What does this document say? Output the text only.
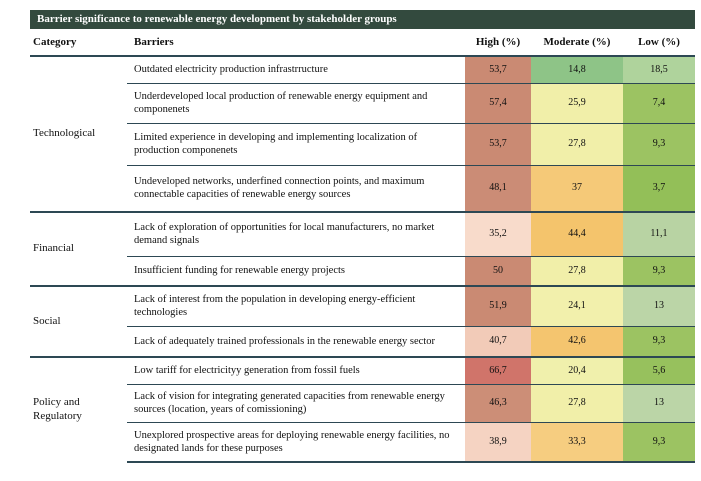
Barrier significance to renewable energy development by stakeholder groups
Category	Barriers	High (%)	Moderate (%)	Low (%)
Technological	Outdated electricity production infrastrructure	53,7	14,8	18,5
	Underdeveloped local production of renewable energy equipment and componenets	57,4	25,9	7,4
	Limited experience in developing and implementing localization of production componenets	53,7	27,8	9,3
	Undeveloped networks, underfined connection points, and maximum connectable capacities of renewable energy sources	48,1	37	3,7
Financial	Lack of exploration of opportunities for local manufacturers, no market demand signals	35,2	44,4	11,1
	Insufficient funding for renewable energy projects	50	27,8	9,3
Social	Lack of interest from the population in developing energy-efficient technologies	51,9	24,1	13
	Lack of adequately trained professionals in the renewable energy sector	40,7	42,6	9,3
Policy and Regulatory	Low tariff for electricityy generation from fossil fuels	66,7	20,4	5,6
	Lack of vision for integrating generated capacities from renewable energy sources (location, years of comissioning)	46,3	27,8	13
	Unexplored prospective areas for deploying renewable energy facilities, no designated lands for these purposes	38,9	33,3	9,3
